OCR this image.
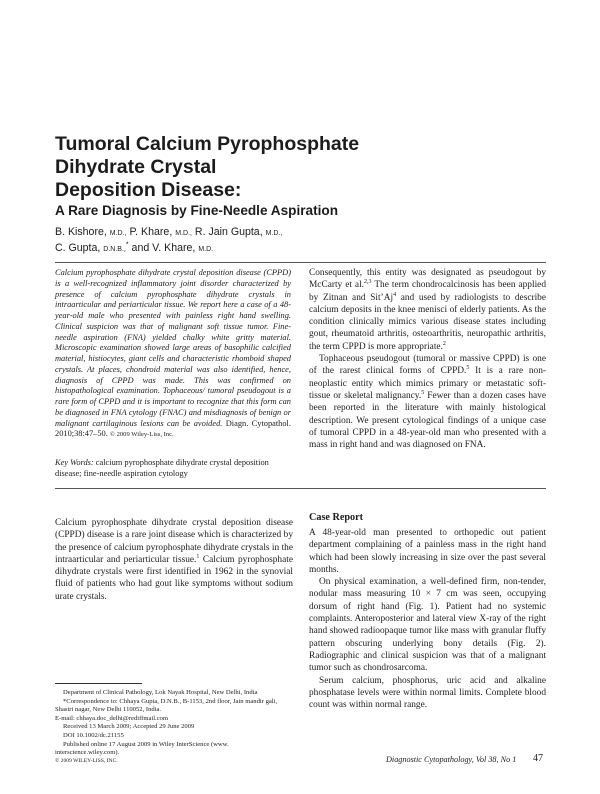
Tumoral Calcium Pyrophosphate
Dihydrate Crystal
Deposition Disease:
A Rare Diagnosis by Fine-Needle Aspiration
B. Kishore, M.D., P. Khare, M.D., R. Jain Gupta, M.D.,
C. Gupta, D.N.B.,* and V. Khare, M.D.
Calcium pyrophosphate dihydrate crystal deposition disease (CPPD) is a well-recognized inflammatory joint disorder characterized by presence of calcium pyrophosphate dihydrate crystals in intraarticular and periarticular tissue. We report here a case of a 48-year-old male who presented with painless right hand swelling. Clinical suspicion was that of malignant soft tissue tumor. Fine-needle aspiration (FNA) yielded chalky white gritty material. Microscopic examination showed large areas of basophilic calcified material, histiocytes, giant cells and characteristic rhomboid shaped crystals. At places, chondroid material was also identified, hence, diagnosis of CPPD was made. This was confirmed on histopathological examination. Tophaceous/ tumoral pseudogout is a rare form of CPPD and it is important to recognize that this form can be diagnosed in FNA cytology (FNAC) and misdiagnosis of benign or malignant cartilaginous lesions can be avoided. Diagn. Cytopathol. 2010;38:47–50. © 2009 Wiley-Liss, Inc.
Key Words: calcium pyrophosphate dihydrate crystal deposition disease; fine-needle aspiration cytology

Calcium pyrophosphate dihydrate crystal deposition disease (CPPD) disease is a rare joint disease which is characterized by the presence of calcium pyrophosphate dihydrate crystals in the intraarticular and periarticular tissue.$^1$ Calcium pyrophosphate dihydrate crystals were first identified in 1962 in the synovial fluid of patients who had gout like symptoms without sodium urate crystals.

Consequently, this entity was designated as pseudogout by McCarty et al.$^{2,3}$ The term chondrocalcinosis has been applied by Zitnan and Sit’Aj$^4$ and used by radiologists to describe calcium deposits in the knee menisci of elderly patients. As the condition clinically mimics various disease states including gout, rheumatoid arthritis, osteoarthritis, neuropathic arthritis, the term CPPD is more appropriate.$^2$

Tophaceous pseudogout (tumoral or massive CPPD) is one of the rarest clinical forms of CPPD.$^5$ It is a rare non-neoplastic entity which mimics primary or metastatic soft-tissue or skeletal malignancy.$^5$ Fewer than a dozen cases have been reported in the literature with mainly histological description. We present cytological findings of a unique case of tumoral CPPD in a 48-year-old man who presented with a mass in right hand and was diagnosed on FNA.

Case Report

A 48-year-old man presented to orthopedic out patient department complaining of a painless mass in the right hand which had been slowly increasing in size over the past several months.

On physical examination, a well-defined firm, non-tender, nodular mass measuring 10 × 7 cm was seen, occupying dorsum of right hand (Fig. 1). Patient had no systemic complaints. Anteroposterior and lateral view X-ray of the right hand showed radioopaque tumor like mass with granular fluffy pattern obscuring underlying bony details (Fig. 2). Radiographic and clinical suspicion was that of a malignant tumor such as chondrosarcoma.

Serum calcium, phosphorus, uric acid and alkaline phosphatase levels were within normal limits. Complete blood count was within normal range.

Department of Clinical Pathology, Lok Nayak Hospital, New Delhi, India

*Correspondence to: Chhaya Gupta, D.N.B., B-1153, 2nd floor, Jain mandir gali, Shastri nagar, New Delhi 110052, India.

E-mail: chhaya.doc_delhi@rediffmail.com

Received 13 March 2009; Accepted 29 June 2009

DOI 10.1002/dc.21155

Published online 17 August 2009 in Wiley InterScience (www. interscience.wiley.com).

© 2009 WILEY-LISS, INC.	Diagnostic Cytopathology, Vol 38, No 1 47
